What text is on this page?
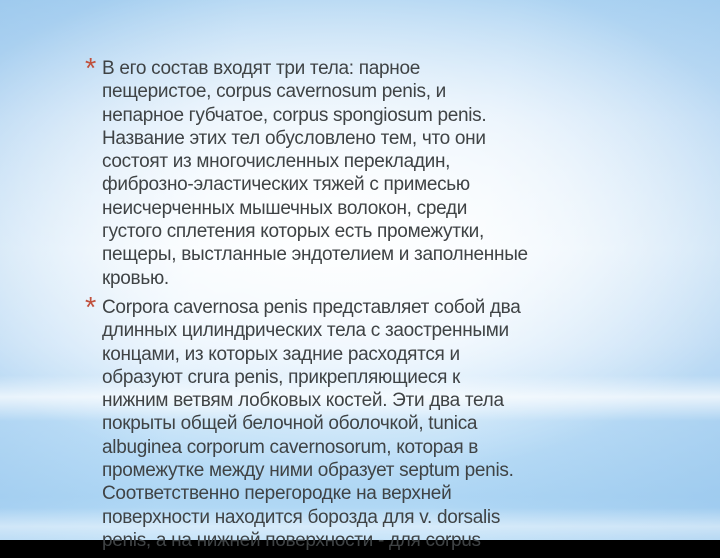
* В его состав входят три тела: парное
пещеристое, corpus cavernosum penis, и
непарное губчатое, corpus spongiosum penis.
Название этих тел обусловлено тем, что они
состоят из многочисленных перекладин,
фиброзно-эластических тяжей с примесью
неисчерченных мышечных волокон, среди
густого сплетения которых есть промежутки,
пещеры, выстланные эндотелием и заполненные
кровью.
* Corpora cavernosa penis представляет собой два
длинных цилиндрических тела с заостренными
концами, из которых задние расходятся и
образуют crura penis, прикрепляющиеся к
нижним ветвям лобковых костей. Эти два тела
покрыты общей белочной оболочкой, tunica
albuginea corporum cavernosorum, которая в
промежутке между ними образует septum penis.
Соответственно перегородке на верхней
поверхности находится борозда для v. dorsalis
penis, а на нижней поверхности - для corpus
